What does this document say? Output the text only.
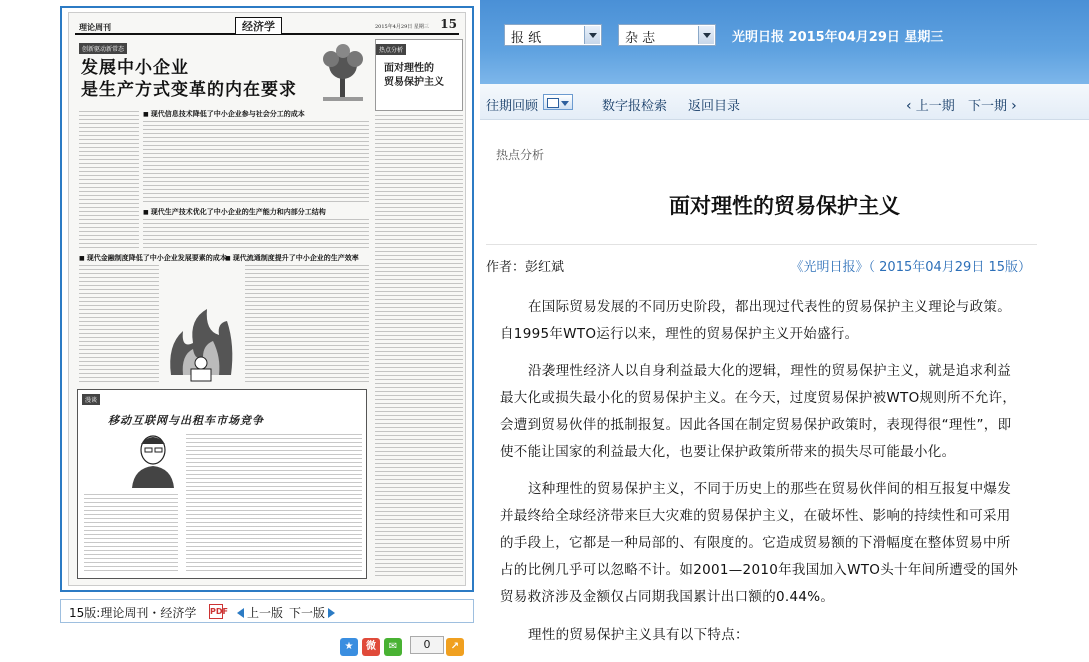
理论周刊	经济学	2015年4月29日 星期三 15
创新驱动新常态
发展中小企业
是生产方式变革的内在要求
热点分析
面对理性的
贸易保护主义
■ 现代信息技术降低了中小企业参与社会分工的成本
■ 现代生产技术优化了中小企业的生产能力和内部分工结构
■ 现代金融制度降低了中小企业发展要素的成本
■ 现代流通制度提升了中小企业的生产效率
漫谈
移动互联网与出租车市场竞争
15版:理论周刊・经济学 PDF	上一版 下一版
★	微	✉	0	↗
报 纸	杂 志	光明日报 2015年04月29日 星期三
往期回顾	数字报检索 返回目录	‹ 上一期 下一期 ›
热点分析
面对理性的贸易保护主义
作者：彭红斌	《光明日报》（ 2015年04月29日 15版）

在国际贸易发展的不同历史阶段，都出现过代表性的贸易保护主义理论与政策。自1995年WTO运行以来，理性的贸易保护主义开始盛行。

沿袭理性经济人以自身利益最大化的逻辑，理性的贸易保护主义，就是追求利益最大化或损失最小化的贸易保护主义。在今天，过度贸易保护被WTO规则所不允许，会遭到贸易伙伴的抵制报复。因此各国在制定贸易保护政策时，表现得很“理性”，即使不能让国家的利益最大化，也要让保护政策所带来的损失尽可能最小化。

这种理性的贸易保护主义，不同于历史上的那些在贸易伙伴间的相互报复中爆发并最终给全球经济带来巨大灾难的贸易保护主义，在破坏性、影响的持续性和可采用的手段上，它都是一种局部的、有限度的。它造成贸易额的下滑幅度在整体贸易中所占的比例几乎可以忽略不计。如2001—2010年我国加入WTO头十年间所遭受的国外贸易救济涉及金额仅占同期我国累计出口额的0.44%。

理性的贸易保护主义具有以下特点：
